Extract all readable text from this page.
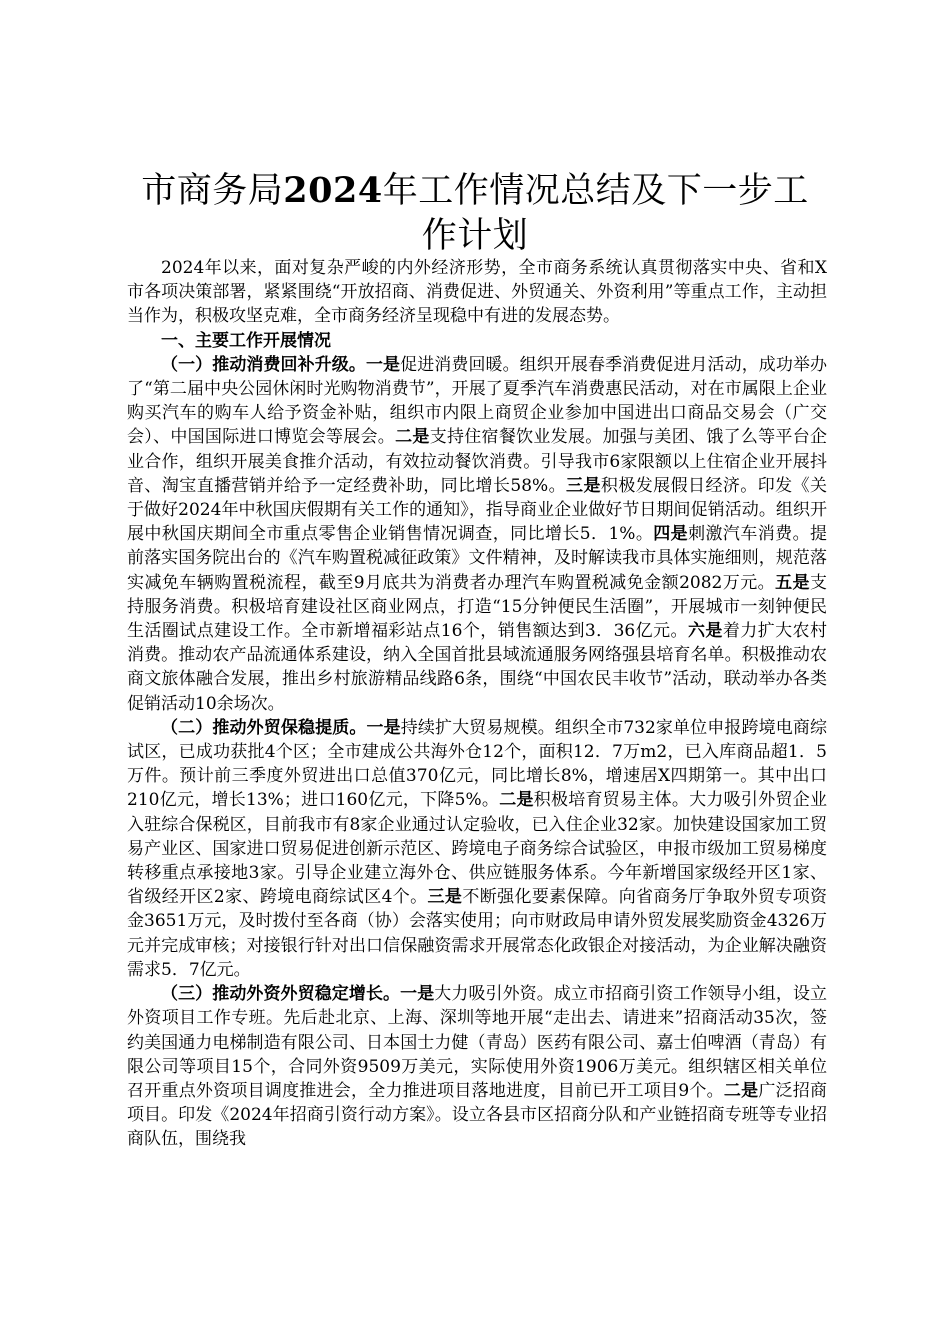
市商务局2024年工作情况总结及下一步工作计划

2024年以来，面对复杂严峻的内外经济形势，全市商务系统认真贯彻落实中央、省和X市各项决策部署，紧紧围绕“开放招商、消费促进、外贸通关、外资利用”等重点工作，主动担当作为，积极攻坚克难，全市商务经济呈现稳中有进的发展态势。

一、主要工作开展情况

（一）推动消费回补升级。一是促进消费回暖。组织开展春季消费促进月活动，成功举办了“第二届中央公园休闲时光购物消费节”，开展了夏季汽车消费惠民活动，对在市属限上企业购买汽车的购车人给予资金补贴，组织市内限上商贸企业参加中国进出口商品交易会（广交会）、中国国际进口博览会等展会。二是支持住宿餐饮业发展。加强与美团、饿了么等平台企业合作，组织开展美食推介活动，有效拉动餐饮消费。引导我市6家限额以上住宿企业开展抖音、淘宝直播营销并给予一定经费补助，同比增长58%。三是积极发展假日经济。印发《关于做好2024年中秋国庆假期有关工作的通知》，指导商业企业做好节日期间促销活动。组织开展中秋国庆期间全市重点零售企业销售情况调查，同比增长5．1%。四是刺激汽车消费。提前落实国务院出台的《汽车购置税减征政策》文件精神，及时解读我市具体实施细则，规范落实减免车辆购置税流程，截至9月底共为消费者办理汽车购置税减免金额2082万元。五是支持服务消费。积极培育建设社区商业网点，打造“15分钟便民生活圈”，开展城市一刻钟便民生活圈试点建设工作。全市新增福彩站点16个，销售额达到3．36亿元。六是着力扩大农村消费。推动农产品流通体系建设，纳入全国首批县域流通服务网络强县培育名单。积极推动农商文旅体融合发展，推出乡村旅游精品线路6条，围绕“中国农民丰收节”活动，联动举办各类促销活动10余场次。

（二）推动外贸保稳提质。一是持续扩大贸易规模。组织全市732家单位申报跨境电商综试区，已成功获批4个区；全市建成公共海外仓12个，面积12．7万m2，已入库商品超1．5万件。预计前三季度外贸进出口总值370亿元，同比增长8%，增速居X四期第一。其中出口210亿元，增长13%；进口160亿元，下降5%。二是积极培育贸易主体。大力吸引外贸企业入驻综合保税区，目前我市有8家企业通过认定验收，已入住企业32家。加快建设国家加工贸易产业区、国家进口贸易促进创新示范区、跨境电子商务综合试验区，申报市级加工贸易梯度转移重点承接地3家。引导企业建立海外仓、供应链服务体系。今年新增国家级经开区1家、省级经开区2家、跨境电商综试区4个。三是不断强化要素保障。向省商务厅争取外贸专项资金3651万元，及时拨付至各商（协）会落实使用；向市财政局申请外贸发展奖励资金4326万元并完成审核；对接银行针对出口信保融资需求开展常态化政银企对接活动，为企业解决融资需求5．7亿元。

（三）推动外资外贸稳定增长。一是大力吸引外资。成立市招商引资工作领导小组，设立外资项目工作专班。先后赴北京、上海、深圳等地开展“走出去、请进来”招商活动35次，签约美国通力电梯制造有限公司、日本国士力健（青岛）医药有限公司、嘉士伯啤酒（青岛）有限公司等项目15个，合同外资9509万美元，实际使用外资1906万美元。组织辖区相关单位召开重点外资项目调度推进会，全力推进项目落地进度，目前已开工项目9个。二是广泛招商项目。印发《2024年招商引资行动方案》。设立各县市区招商分队和产业链招商专班等专业招商队伍，围绕我
